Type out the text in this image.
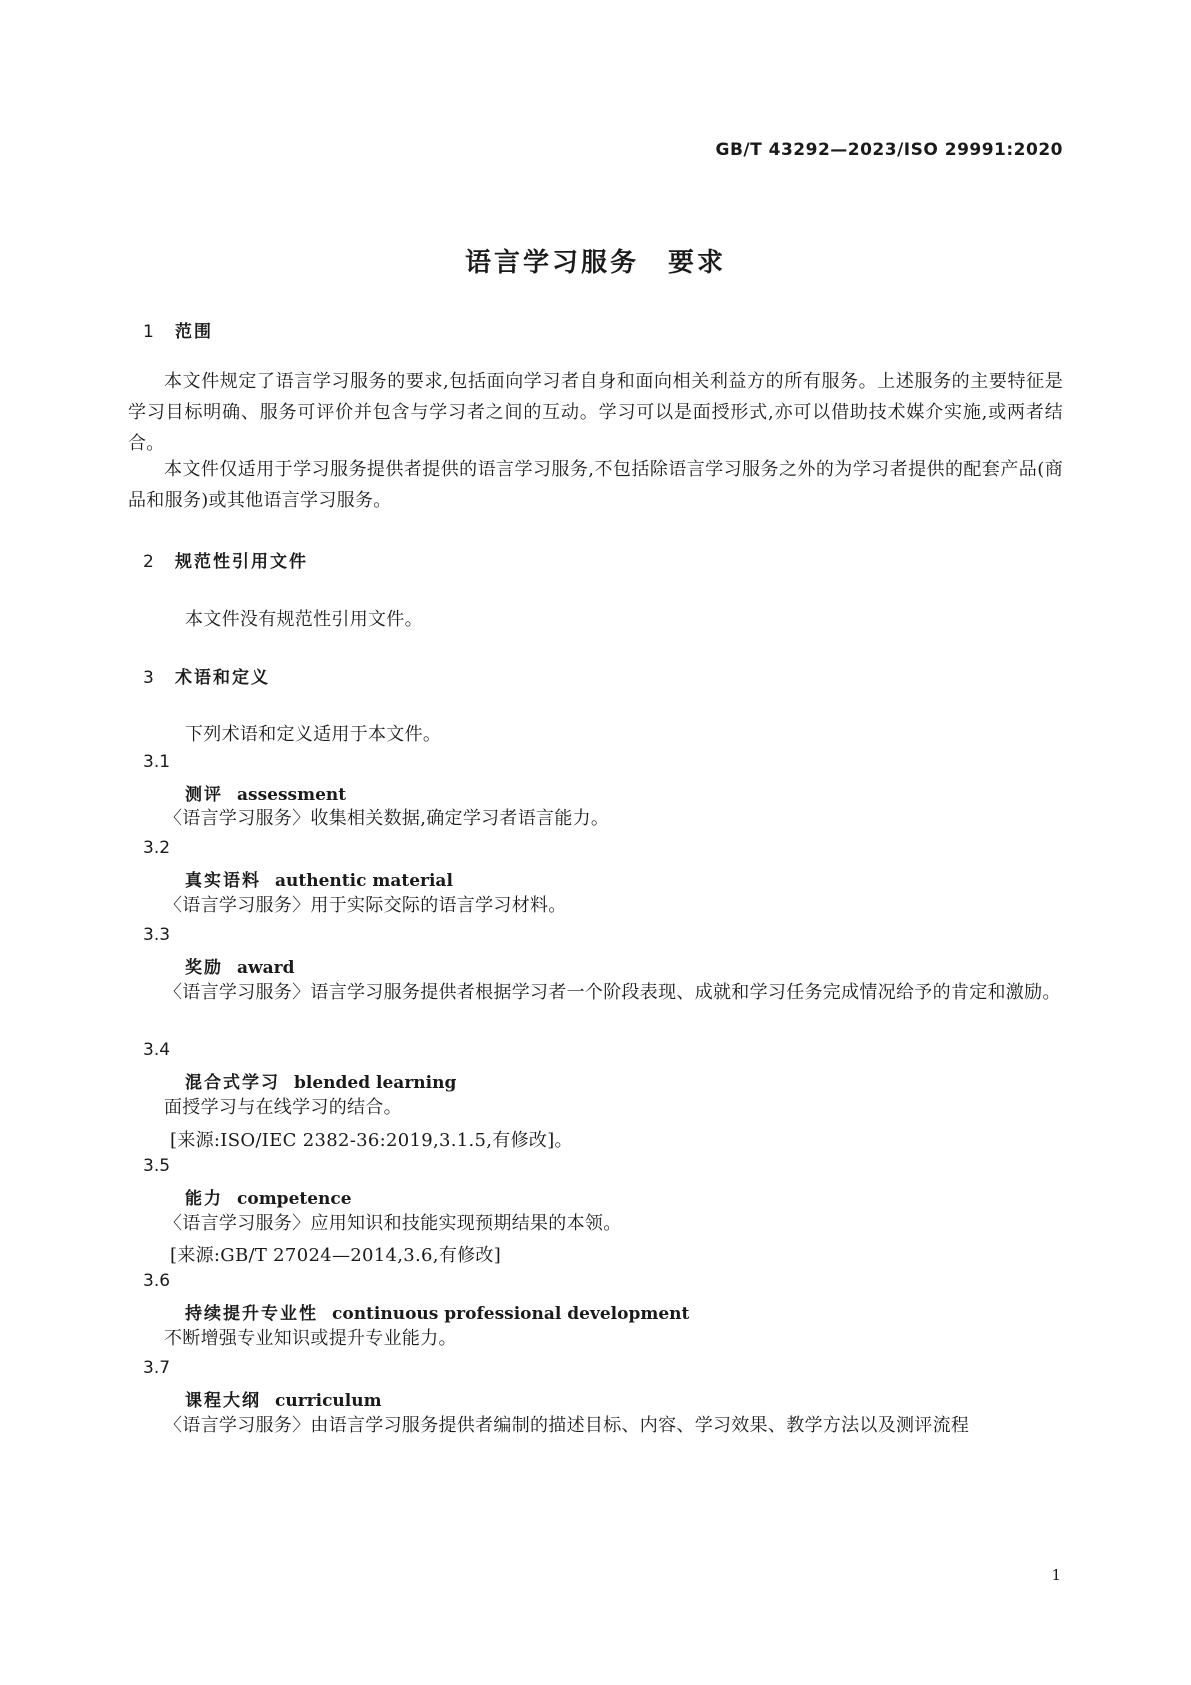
GB/T 43292—2023/ISO 29991:2020
语言学习服务　要求
1 范围
本文件规定了语言学习服务的要求,包括面向学习者自身和面向相关利益方的所有服务。上述服务的主要特征是学习目标明确、服务可评价并包含与学习者之间的互动。学习可以是面授形式,亦可以借助技术媒介实施,或两者结合。
本文件仅适用于学习服务提供者提供的语言学习服务,不包括除语言学习服务之外的为学习者提供的配套产品(商品和服务)或其他语言学习服务。
2 规范性引用文件
本文件没有规范性引用文件。
3 术语和定义
下列术语和定义适用于本文件。
3.1
测评 assessment
〈语言学习服务〉收集相关数据,确定学习者语言能力。
3.2
真实语料 authentic material
〈语言学习服务〉用于实际交际的语言学习材料。
3.3
奖励 award
〈语言学习服务〉语言学习服务提供者根据学习者一个阶段表现、成就和学习任务完成情况给予的肯定和激励。
3.4
混合式学习 blended learning
面授学习与在线学习的结合。
[来源:ISO/IEC 2382-36:2019,3.1.5,有修改]。
3.5
能力 competence
〈语言学习服务〉应用知识和技能实现预期结果的本领。
[来源:GB/T 27024—2014,3.6,有修改]
3.6
持续提升专业性 continuous professional development
不断增强专业知识或提升专业能力。
3.7
课程大纲 curriculum
〈语言学习服务〉由语言学习服务提供者编制的描述目标、内容、学习效果、教学方法以及测评流程
1
